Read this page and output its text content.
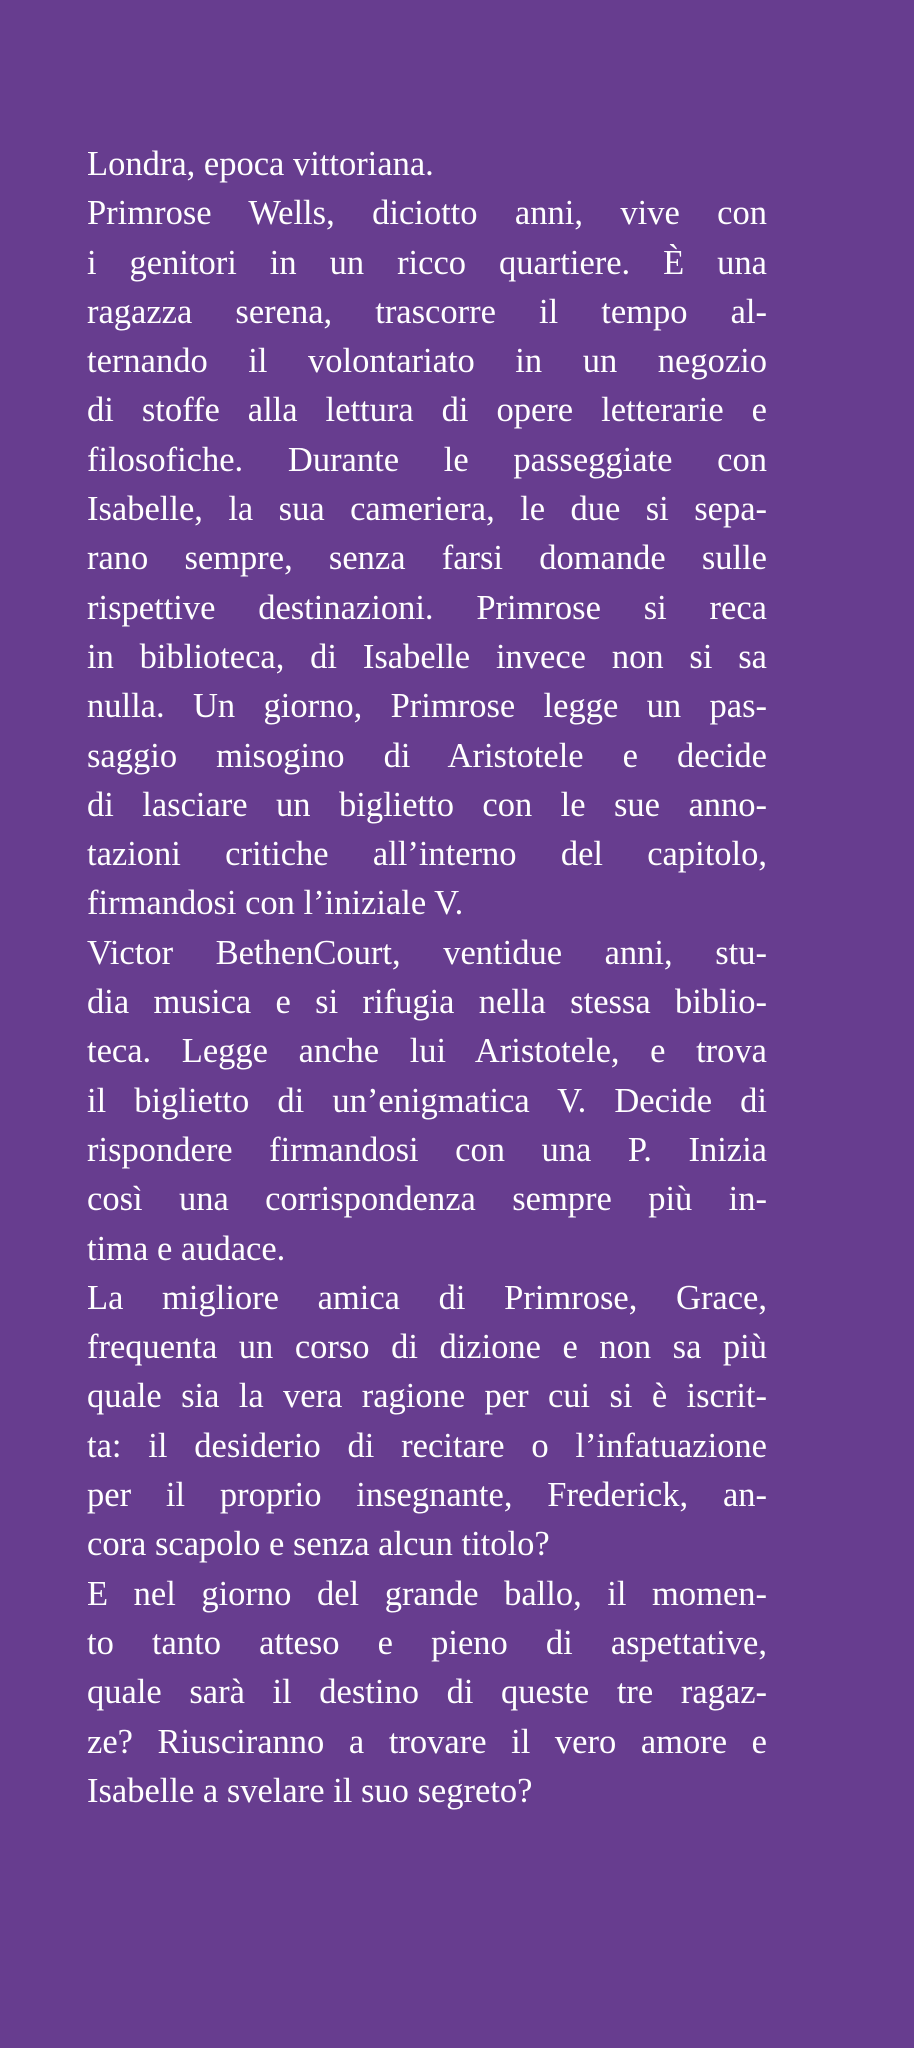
Londra, epoca vittoriana.

Primrose Wells, diciotto anni, vive con
i genitori in un ricco quartiere. È una
ragazza serena, trascorre il tempo al-
ternando il volontariato in un negozio
di stoffe alla lettura di opere letterarie e
filosofiche. Durante le passeggiate con
Isabelle, la sua cameriera, le due si sepa-
rano sempre, senza farsi domande sulle
rispettive destinazioni. Primrose si reca
in biblioteca, di Isabelle invece non si sa
nulla. Un giorno, Primrose legge un pas-
saggio misogino di Aristotele e decide
di lasciare un biglietto con le sue anno-
tazioni critiche all’interno del capitolo,
firmandosi con l’iniziale V.

Victor BethenCourt, ventidue anni, stu-
dia musica e si rifugia nella stessa biblio-
teca. Legge anche lui Aristotele, e trova
il biglietto di un’enigmatica V. Decide di
rispondere firmandosi con una P. Inizia
così una corrispondenza sempre più in-
tima e audace.

La migliore amica di Primrose, Grace,
frequenta un corso di dizione e non sa più
quale sia la vera ragione per cui si è iscrit-
ta: il desiderio di recitare o l’infatuazione
per il proprio insegnante, Frederick, an-
cora scapolo e senza alcun titolo?

E nel giorno del grande ballo, il momen-
to tanto atteso e pieno di aspettative,
quale sarà il destino di queste tre ragaz-
ze? Riusciranno a trovare il vero amore e
Isabelle a svelare il suo segreto?
